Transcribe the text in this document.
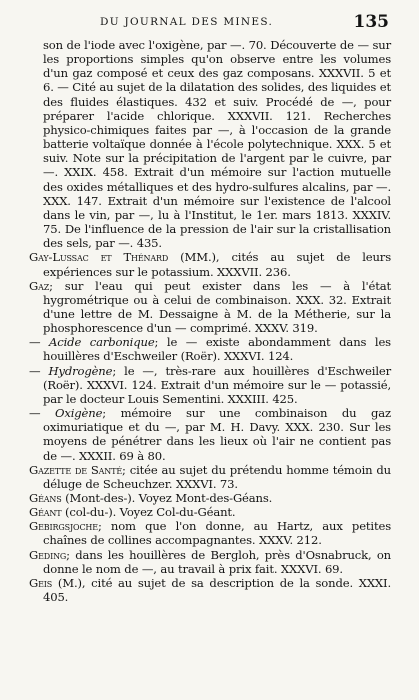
DU JOURNAL DES MINES.	135

son de l'iode avec l'oxigène, par —. 70. Découverte de — sur les proportions simples qu'on observe entre les volumes d'un gaz composé et ceux des gaz composans. XXXVII. 5 et 6. — Cité au sujet de la dilatation des solides, des liquides et des fluides élastiques. 432 et suiv. Procédé de —, pour préparer l'acide chlorique. XXXVII. 121. Recherches physico-chimiques faites par —, à l'occasion de la grande batterie voltaïque donnée à l'école polytechnique. XXX. 5 et suiv. Note sur la précipitation de l'argent par le cuivre, par —. XXIX. 458. Extrait d'un mémoire sur l'action mutuelle des oxides métalliques et des hydro-sulfures alcalins, par —. XXX. 147. Extrait d'un mémoire sur l'existence de l'alcool dans le vin, par —, lu à l'Institut, le 1er. mars 1813. XXXIV. 75. De l'influence de la pression de l'air sur la cristallisation des sels, par —. 435.

Gay-Lussac et Thénard (MM.), cités au sujet de leurs expériences sur le potassium. XXXVII. 236.

Gaz; sur l'eau qui peut exister dans les — à l'état hygrométrique ou à celui de combinaison. XXX. 32. Extrait d'une lettre de M. Dessaigne à M. de la Métherie, sur la phosphorescence d'un — comprimé. XXXV. 319.

— Acide carbonique; le — existe abondamment dans les houillères d'Eschweiler (Roër). XXXVI. 124.

— Hydrogène; le —, très-rare aux houillères d'Eschweiler (Roër). XXXVI. 124. Extrait d'un mémoire sur le — potassié, par le docteur Louis Sementini. XXXIII. 425.

— Oxigène; mémoire sur une combinaison du gaz oximuriatique et du —, par M. H. Davy. XXX. 230. Sur les moyens de pénétrer dans les lieux où l'air ne contient pas de —. XXXII. 69 à 80.

Gazette de Santé; citée au sujet du prétendu homme témoin du déluge de Scheuchzer. XXXVI. 73.

Géans (Mont-des-). Voyez Mont-des-Géans.

Géant (col-du-). Voyez Col-du-Géant.

Gebirgsjoche; nom que l'on donne, au Hartz, aux petites chaînes de collines accompagnantes. XXXV. 212.

Geding; dans les houillères de Bergloh, près d'Osnabruck, on donne le nom de —, au travail à prix fait. XXXVI. 69.

Geis (M.), cité au sujet de sa description de la sonde. XXXI. 405.
